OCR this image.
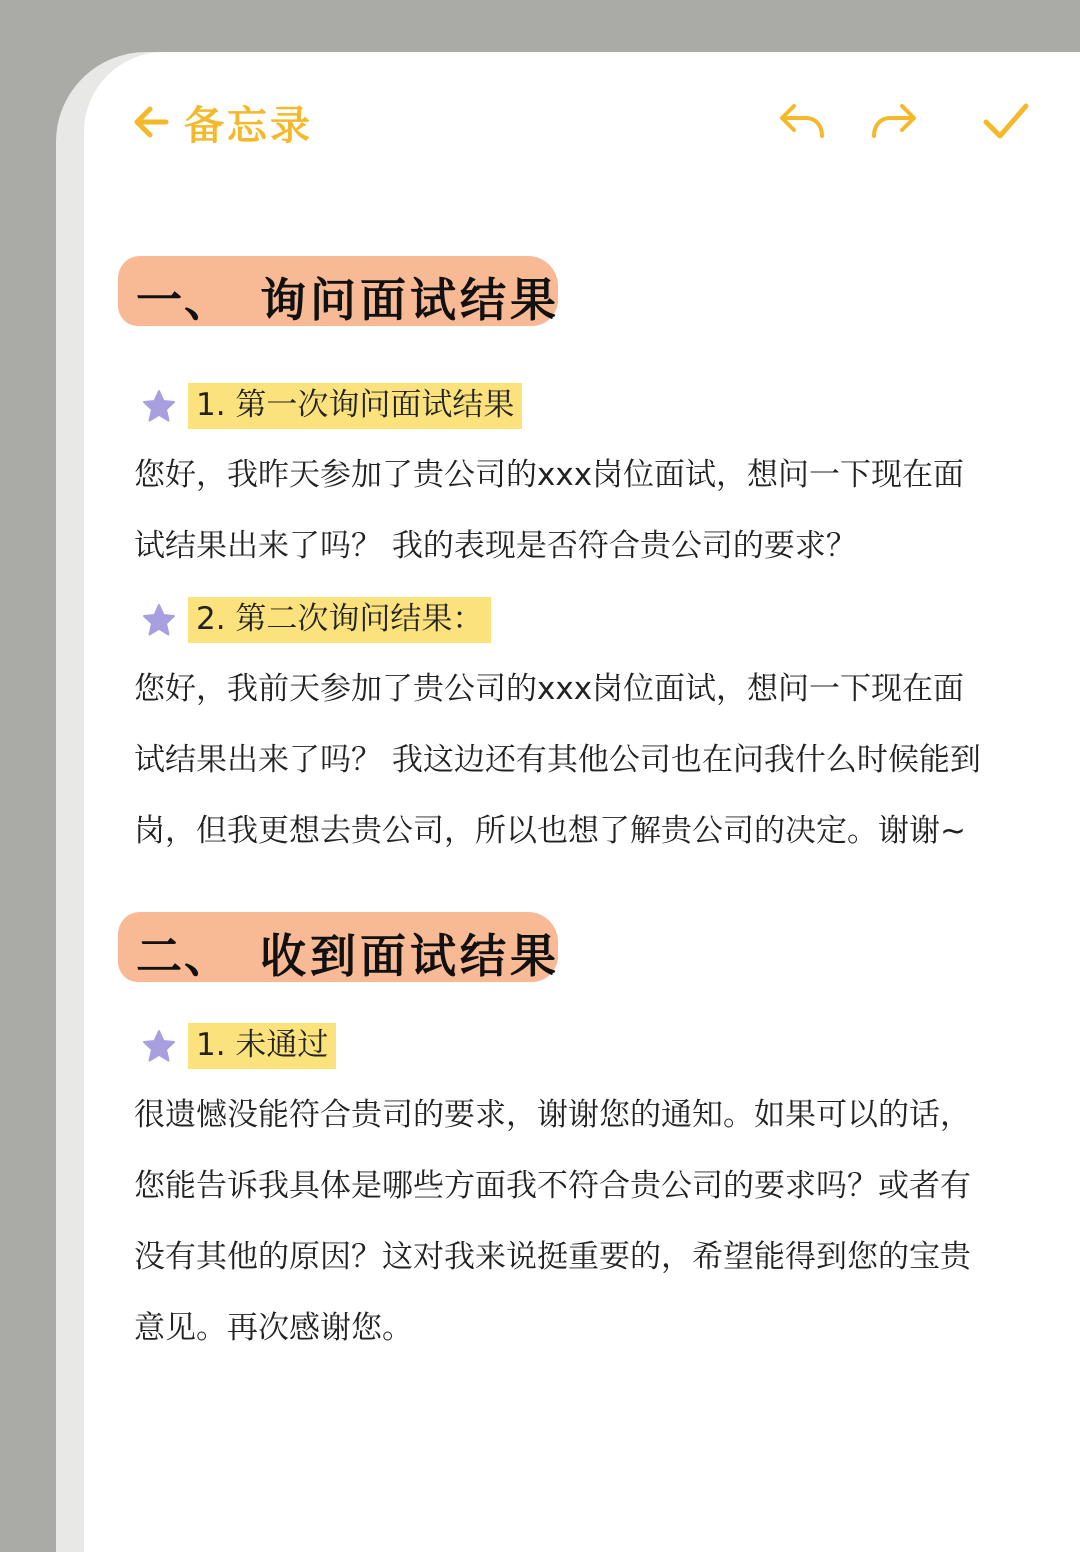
备忘录
一、 询问面试结果
1. 第一次询问面试结果

您好，我昨天参加了贵公司的xxx岗位面试，想问一下现在面
试结果出来了吗？ 我的表现是否符合贵公司的要求？

2. 第二次询问结果：

您好，我前天参加了贵公司的xxx岗位面试，想问一下现在面
试结果出来了吗？ 我这边还有其他公司也在问我什么时候能到
岗，但我更想去贵公司，所以也想了解贵公司的决定。谢谢~

二、 收到面试结果
1. 未通过

很遗憾没能符合贵司的要求，谢谢您的通知。如果可以的话，
您能告诉我具体是哪些方面我不符合贵公司的要求吗？或者有
没有其他的原因？这对我来说挺重要的，希望能得到您的宝贵
意见。再次感谢您。
